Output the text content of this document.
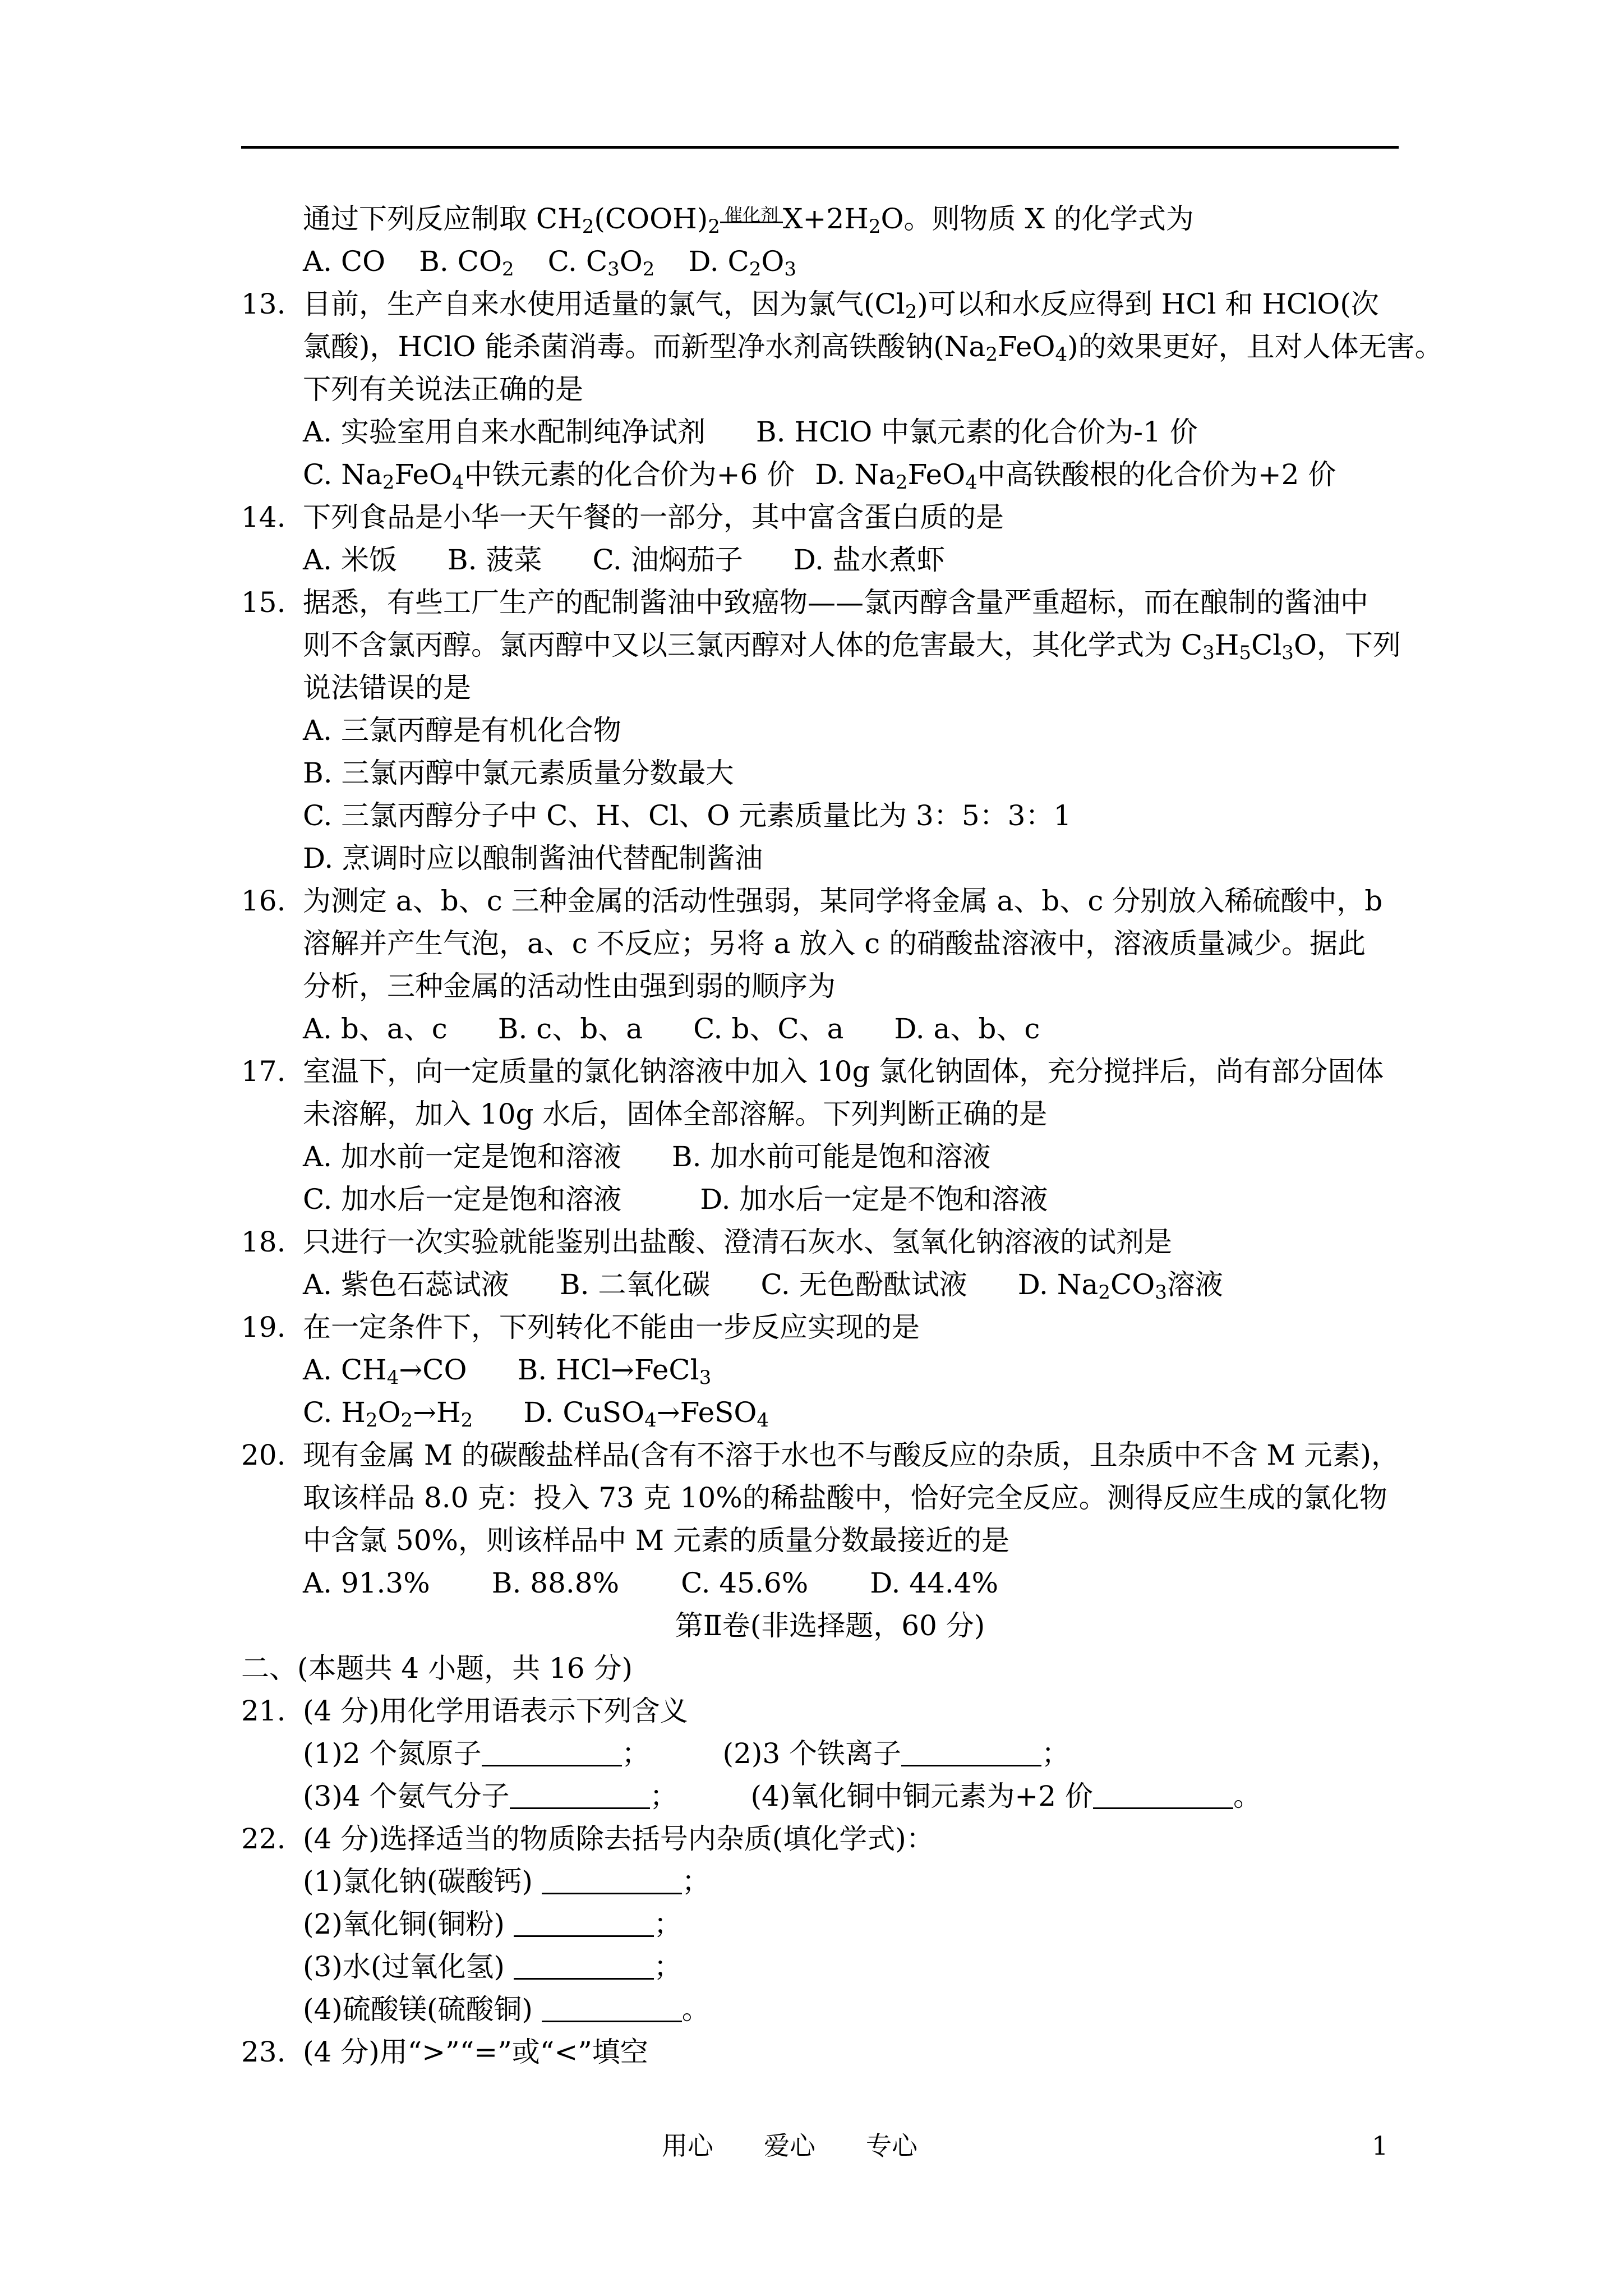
通过下列反应制取 $CH_2(COOH)_2$
催化剂 $X+2H_2O$。则物质 X 的化学式为
A. CO B. $CO_2$ C. $C_3O_2$ D. $C_2O_3$
13. 目前，生产自来水使用适量的氯气，因为氯气$(Cl_2)$可以和水反应得到 HCl 和 HClO(次
氯酸)，HClO 能杀菌消毒。而新型净水剂高铁酸钠$(Na_2FeO_4)$的效果更好，且对人体无害。
下列有关说法正确的是
A. 实验室用自来水配制纯净试剂 B. HClO 中氯元素的化合价为-1 价
C. $Na_2FeO_4$中铁元素的化合价为+6 价 D. $Na_2FeO_4$中高铁酸根的化合价为+2 价
14. 下列食品是小华一天午餐的一部分，其中富含蛋白质的是
A. 米饭 B. 菠菜 C. 油焖茄子 D. 盐水煮虾
15. 据悉，有些工厂生产的配制酱油中致癌物——氯丙醇含量严重超标，而在酿制的酱油中
则不含氯丙醇。氯丙醇中又以三氯丙醇对人体的危害最大，其化学式为 $C_3H_5Cl_3O$，下列
说法错误的是
A. 三氯丙醇是有机化合物
B. 三氯丙醇中氯元素质量分数最大
C. 三氯丙醇分子中 C、H、Cl、O 元素质量比为 3：5：3：1
D. 烹调时应以酿制酱油代替配制酱油
16. 为测定 a、b、c 三种金属的活动性强弱，某同学将金属 a、b、c 分别放入稀硫酸中，b
溶解并产生气泡，a、c 不反应；另将 a 放入 c 的硝酸盐溶液中，溶液质量减少。据此
分析，三种金属的活动性由强到弱的顺序为
A. b、a、c B. c、b、a C. b、C、a D. a、b、c
17. 室温下，向一定质量的氯化钠溶液中加入 10g 氯化钠固体，充分搅拌后，尚有部分固体
未溶解，加入 10g 水后，固体全部溶解。下列判断正确的是
A. 加水前一定是饱和溶液 B. 加水前可能是饱和溶液
C. 加水后一定是饱和溶液	D. 加水后一定是不饱和溶液
18. 只进行一次实验就能鉴别出盐酸、澄清石灰水、氢氧化钠溶液的试剂是
A. 紫色石蕊试液 B. 二氧化碳 C. 无色酚酞试液 D. $Na_2CO_3$溶液
19. 在一定条件下，下列转化不能由一步反应实现的是
A. $CH_4\to CO$ B. HCl→FeCl$_3$
C. $H_2O_2\to H_2$ D. CuSO$_4$→FeSO$_4$
20. 现有金属 M 的碳酸盐样品(含有不溶于水也不与酸反应的杂质，且杂质中不含 M 元素)，
取该样品 8.0 克：投入 73 克 10%的稀盐酸中，恰好完全反应。测得反应生成的氯化物
中含氯 50%，则该样品中 M 元素的质量分数最接近的是
A. 91.3% B. 88.8% C. 45.6% D. 44.4%
第Ⅱ卷(非选择题，60 分)
二、(本题共 4 小题，共 16 分)
21. (4 分)用化学用语表示下列含义
(1)2 个氮原子	；	(2)3 个铁离子	；
(3)4 个氨气分子	；	(4)氧化铜中铜元素为+2 价	。
22. (4 分)选择适当的物质除去括号内杂质(填化学式)：
(1)氯化钠(碳酸钙)	；
(2)氧化铜(铜粉)	；
(3)水(过氧化氢)	；
(4)硫酸镁(硫酸铜)	。
23. (4 分)用“>”“=”或“<”填空
用心 爱心 专心	1
